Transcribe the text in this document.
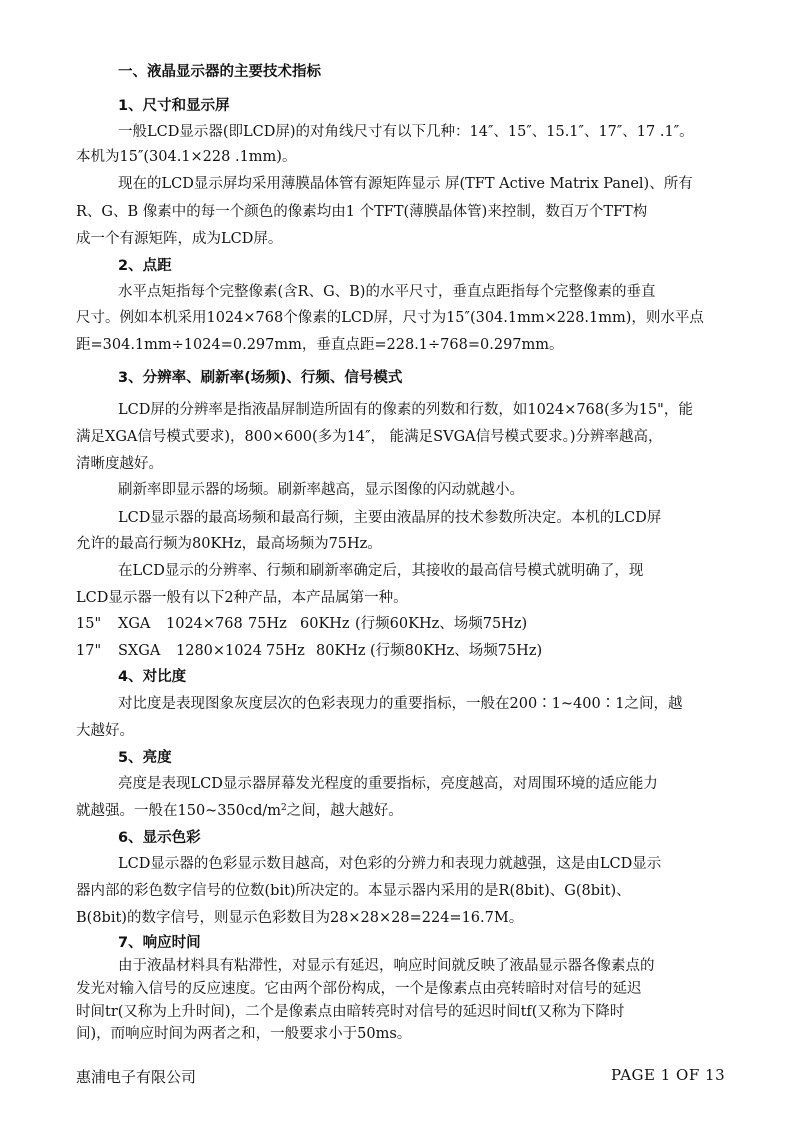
一、液晶显示器的主要技术指标
1、尺寸和显示屏
一般LCD显示器(即LCD屏)的对角线尺寸有以下几种：14″、15″、15.1″、17″、17 .1″。
本机为15″(304.1×228 .1mm)。
现在的LCD显示屏均采用薄膜晶体管有源矩阵显示 屏(TFT Active Matrix Panel)、所有
R、G、B 像素中的每一个颜色的像素均由1 个TFT(薄膜晶体管)来控制，数百万个TFT构
成一个有源矩阵，成为LCD屏。
2、点距
水平点矩指每个完整像素(含R、G、B)的水平尺寸，垂直点距指每个完整像素的垂直
尺寸。例如本机采用1024×768个像素的LCD屏，尺寸为15″(304.1mm×228.1mm)，则水平点
距=304.1mm÷1024=0.297mm，垂直点距=228.1÷768=0.297mm。
3、分辨率、刷新率(场频)、行频、信号模式
LCD屏的分辨率是指液晶屏制造所固有的像素的列数和行数，如1024×768(多为15"，能
满足XGA信号模式要求)，800×600(多为14″， 能满足SVGA信号模式要求。)分辨率越高，
清晰度越好。
刷新率即显示器的场频。刷新率越高，显示图像的闪动就越小。
LCD显示器的最高场频和最高行频，主要由液晶屏的技术参数所决定。本机的LCD屏
允许的最高行频为80KHz，最高场频为75Hz。
在LCD显示的分辨率、行频和刷新率确定后，其接收的最高信号模式就明确了，现
LCD显示器一般有以下2种产品，本产品属第一种。
15" XGA 1024×768 75Hz 60KHz (行频60KHz、场频75Hz)
17" SXGA 1280×1024 75Hz 80KHz (行频80KHz、场频75Hz)
4、对比度
对比度是表现图象灰度层次的色彩表现力的重要指标，一般在200∶1~400∶1之间，越
大越好。
5、亮度
亮度是表现LCD显示器屏幕发光程度的重要指标，亮度越高，对周围环境的适应能力
就越强。一般在$150\sim 350cd/m^2$之间，越大越好。
6、显示色彩
LCD显示器的色彩显示数目越高，对色彩的分辨力和表现力就越强，这是由LCD显示
器内部的彩色数字信号的位数(bit)所决定的。本显示器内采用的是R(8bit)、G(8bit)、
B(8bit)的数字信号，则显示色彩数目为28×28×28=224=16.7M。
7、响应时间
由于液晶材料具有粘滞性，对显示有延迟，响应时间就反映了液晶显示器各像素点的
发光对输入信号的反应速度。它由两个部份构成，一个是像素点由亮转暗时对信号的延迟
时间tr(又称为上升时间)，二个是像素点由暗转亮时对信号的延迟时间tf(又称为下降时
间)，而响应时间为两者之和，一般要求小于50ms。
惠浦电子有限公司	PAGE 1 OF 13
